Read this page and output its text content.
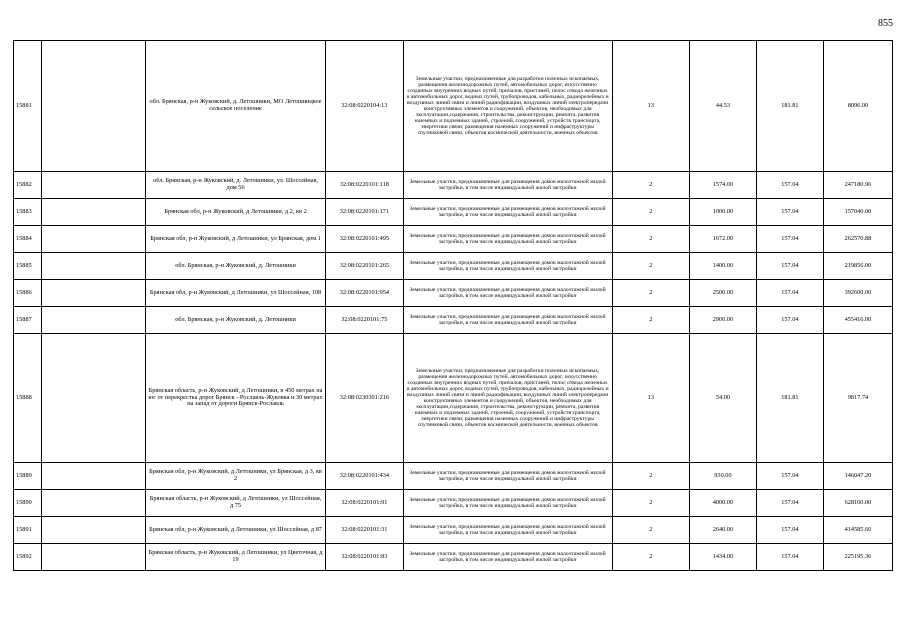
855
15881		обл. Брянская, р-н Жуковский, д. Летошники, МО Летошницкое сельское поселение	32:08:0220104:13	Земельные участки, предназначенные для разработки полезных ископаемых, размещения железнодорожных путей, автомобильных дорог, искусственно созданных внутренних водных путей, причалов, пристаней, полос отвода железных и автомобильных дорог, водных путей, трубопроводов, кабельных, радиорелейных и воздушных линий связи и линий радиофикации, воздушных линий электропередачи конструктивных элементов и сооружений, объектов, необходимых для эксплуатации,содержания, строительства, реконструкции, ремонта, развития наземных и подземных зданий, строений, сооружений, устройств транспорта, энергетики связи; размещения наземных сооружений и инфраструктуры спутниковой связи, объектов космической деятельности, военных объектов	13	44.53	181.81	8096.00
15882		обл. Брянская, р-н Жуковский, д. Летошники, ул. Шоссейная, дом 56	32:08:0220101:118	Земельные участки, предназначенные для размещения домов малоэтажной жилой застройки, в том числе индивидуальной жилой застройки	2	1574.00	157.04	247180.96
15883		Брянская обл, р-н Жуковский, д Летошники, д 2, кв 2	32:08:0220101:171	Земельные участки, предназначенные для размещения домов малоэтажной жилой застройки, в том числе индивидуальной жилой застройки	2	1000.00	157.04	157040.00
15884		Брянская обл, р-н Жуковский, д Летошники, ул Брянская, дом 1	32:08:0220101:495	Земельные участки, предназначенные для размещения домов малоэтажной жилой застройки, в том числе индивидуальной жилой застройки	2	1672.00	157.04	262570.88
15885		обл. Брянская, р-н Жуковский, д. Летошники	32:08:0220101:265	Земельные участки, предназначенные для размещения домов малоэтажной жилой застройки, в том числе индивидуальной жилой застройки	2	1400.00	157.04	219856.00
15886		Брянская обл, р-н Жуковский, д Летошники, ул Шоссейная, 108	32:08:0220101:954	Земельные участки, предназначенные для размещения домов малоэтажной жилой застройки, в том числе индивидуальной жилой застройки	2	2500.00	157.04	392600.00
15887		обл. Брянская, р-н Жуковский, д. Летошники	32:08:0220101:75	Земельные участки, предназначенные для размещения домов малоэтажной жилой застройки, в том числе индивидуальной жилой застройки	2	2900.00	157.04	455416.00
15888		Брянская область, р-н Жуковский, д Летошники, в 450 метрах на юг от перекрестка дорог Брянск - Рославль-Жуковка и 30 метрах на запад от дороги Брянск-Рославль	32:08:0230301:216	Земельные участки, предназначенные для разработки полезных ископаемых, размещения железнодорожных путей, автомобильных дорог, искусственно созданных внутренних водных путей, причалов, пристаней, полос отвода железных и автомобильных дорог, водных путей, трубопроводов, кабельных, радиорелейных и воздушных линий связи и линий радиофикации, воздушных линий электропередачи конструктивных элементов и сооружений, объектов, необходимых для эксплуатации,содержания, строительства, реконструкции, ремонта, развития наземных и подземных зданий, строений, сооружений, устройств транспорта, энергетики связи; размещения наземных сооружений и инфраструктуры спутниковой связи, объектов космической деятельности, военных объектов	13	54.00	181.81	9817.74
15889		Брянская обл, р-н Жуковский, д Летошники, ул Брянская, д 3, кв 2	32:08:0220101:434	Земельные участки, предназначенные для размещения домов малоэтажной жилой застройки, в том числе индивидуальной жилой застройки	2	930.00	157.04	146047.20
15890		Брянская область, р-н Жуковский, д Летошники, ул Шоссейная, д 75	32:08:0220101:91	Земельные участки, предназначенные для размещения домов малоэтажной жилой застройки, в том числе индивидуальной жилой застройки	2	4000.00	157.04	628160.00
15891		Брянская обл, р-н Жуковский, д Летошники, ул Шоссейная, д 87	32:08:0220101:31	Земельные участки, предназначенные для размещения домов малоэтажной жилой застройки, в том числе индивидуальной жилой застройки	2	2640.00	157.04	414585.60
15892		Брянская область, р-н Жуковский, д Летошники, ул Цветочная, д 19	32:08:0220101:83	Земельные участки, предназначенные для размещения домов малоэтажной жилой застройки, в том числе индивидуальной жилой застройки	2	1434.00	157.04	225195.36
